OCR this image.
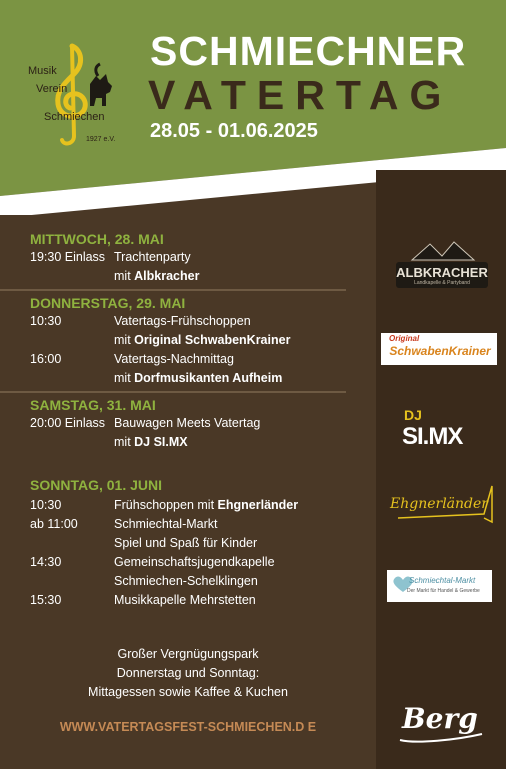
Musik
Verein
Schmiechen
1927 e.V.
SCHMIECHNER
VATERTAG
28.05 - 01.06.2025
MITTWOCH, 28. MAI
19:30 Einlass Trachtenparty
mit Albkracher
DONNERSTAG, 29. MAI
10:30	Vatertags-Frühschoppen
mit Original SchwabenKrainer
16:00	Vatertags-Nachmittag
mit Dorfmusikanten Aufheim
SAMSTAG, 31. MAI
20:00 Einlass Bauwagen Meets Vatertag
mit DJ SI.MX
SONNTAG, 01. JUNI
10:30	Frühschoppen mit Ehgnerländer
ab 11:00	Schmiechtal-Markt
Spiel und Spaß für Kinder
14:30	Gemeinschaftsjugendkapelle
Schmiechen-Schelklingen
15:30	Musikkapelle Mehrstetten
Großer Vergnügungspark
Donnerstag und Sonntag:
Mittagessen sowie Kaffee & Kuchen
WWW.VATERTAGSFEST-SCHMIECHEN.D E
ALBKRACHER
Landkapelle & Partyband
Original
SchwabenKrainer
DJ
SI.MX
Ehgnerländer
Schmiechtal-Markt
Der Markt für Handel & Gewerbe
Berg
